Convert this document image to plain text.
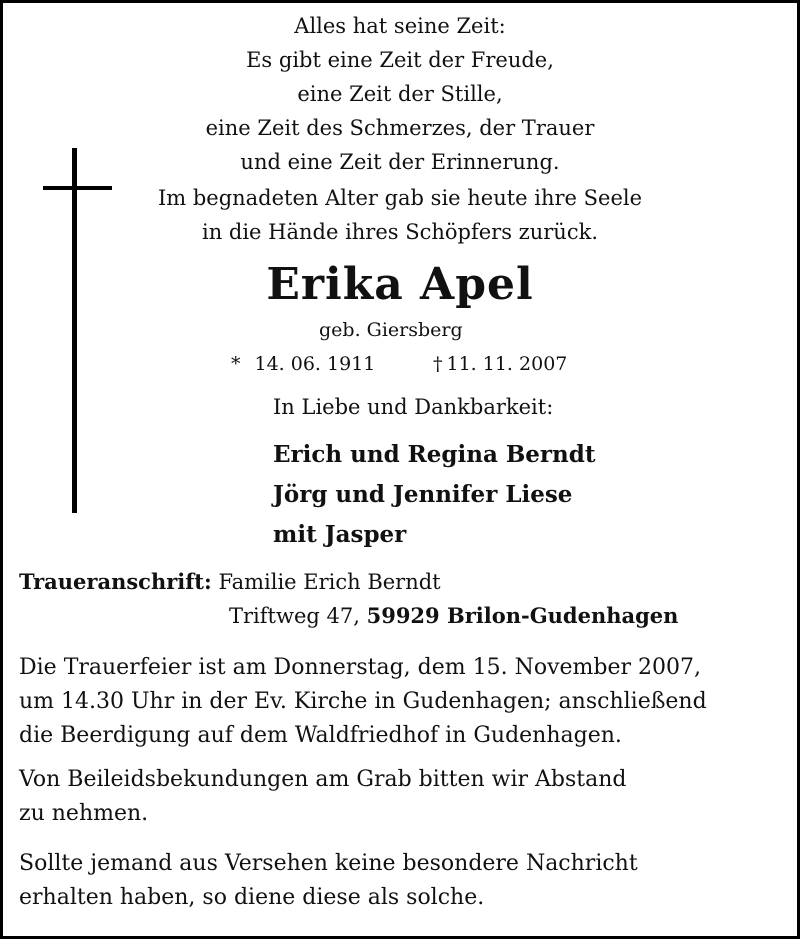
Alles hat seine Zeit:
Es gibt eine Zeit der Freude,
eine Zeit der Stille,
eine Zeit des Schmerzes, der Trauer
und eine Zeit der Erinnerung.
Im begnadeten Alter gab sie heute ihre Seele
in die Hände ihres Schöpfers zurück.
Erika Apel
geb. Giersberg
* 14. 06. 1911	† 11. 11. 2007
In Liebe und Dankbarkeit:
Erich und Regina Berndt
Jörg und Jennifer Liese
mit Jasper
Traueranschrift: Familie Erich Berndt
Triftweg 47, 59929 Brilon-Gudenhagen
Die Trauerfeier ist am Donnerstag, dem 15. November 2007,
um 14.30 Uhr in der Ev. Kirche in Gudenhagen; anschließend
die Beerdigung auf dem Waldfriedhof in Gudenhagen.
Von Beileidsbekundungen am Grab bitten wir Abstand
zu nehmen.
Sollte jemand aus Versehen keine besondere Nachricht
erhalten haben, so diene diese als solche.
